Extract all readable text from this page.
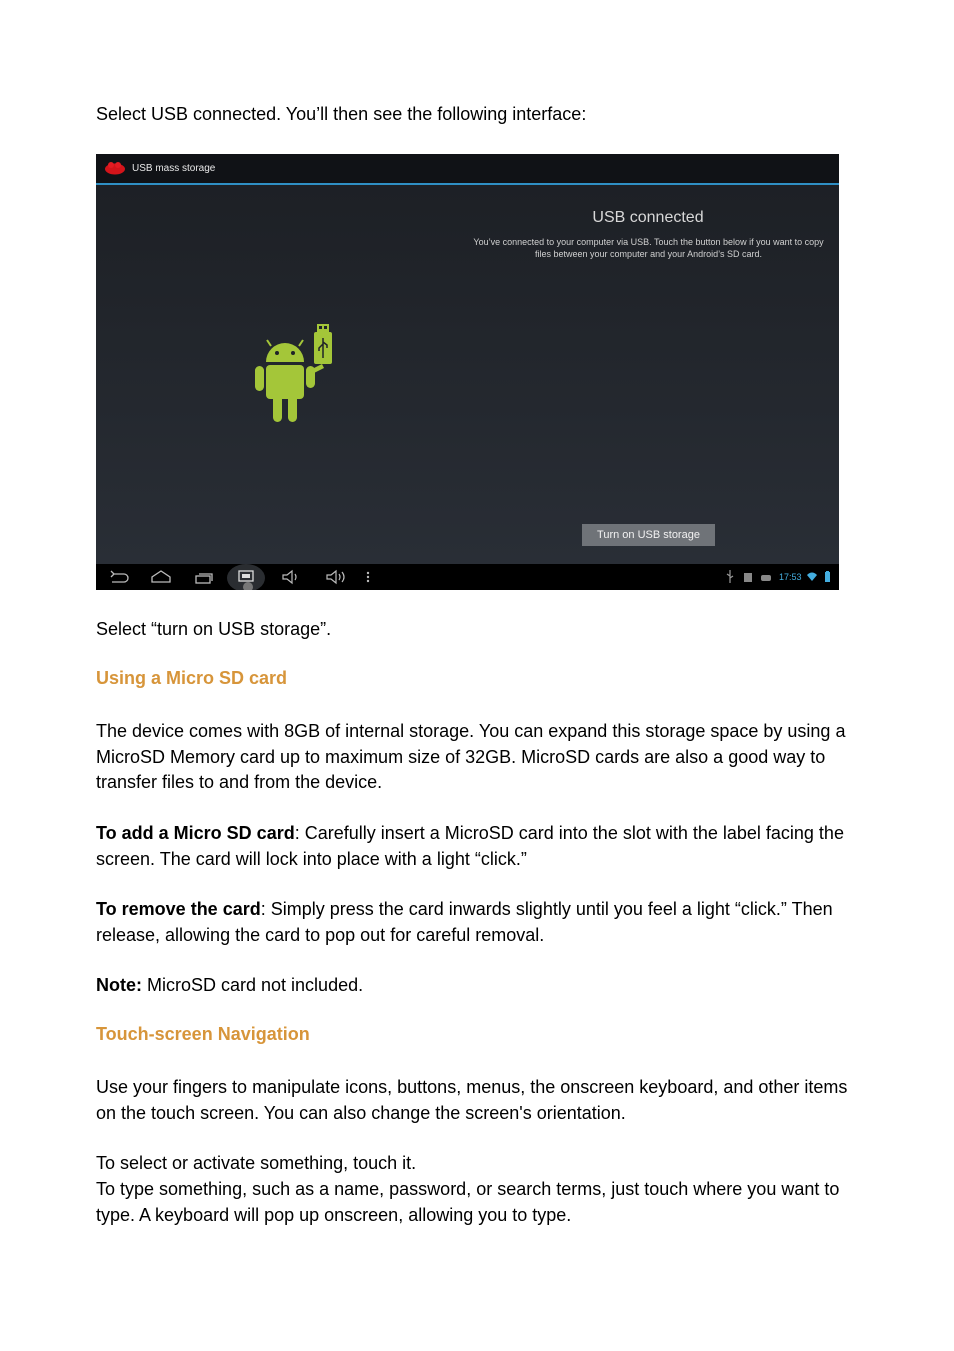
Select USB connected. You’ll then see the following interface:

USB mass storage
USB connected
You’ve connected to your computer via USB. Touch the button below if you want to copy files between your computer and your Android’s SD card.
Turn on USB storage
17:53

Select “turn on USB storage”.

Using a Micro SD card

The device comes with 8GB of internal storage. You can expand this storage space by using a MicroSD Memory card up to maximum size of 32GB. MicroSD cards are also a good way to transfer files to and from the device.

To add a Micro SD card: Carefully insert a MicroSD card into the slot with the label facing the screen. The card will lock into place with a light “click.”

To remove the card: Simply press the card inwards slightly until you feel a light “click.” Then release, allowing the card to pop out for careful removal.

Note: MicroSD card not included.

Touch-screen Navigation

Use your fingers to manipulate icons, buttons, menus, the onscreen keyboard, and other items on the touch screen. You can also change the screen's orientation.

To select or activate something, touch it.

To type something, such as a name, password, or search terms, just touch where you want to type. A keyboard will pop up onscreen, allowing you to type.
